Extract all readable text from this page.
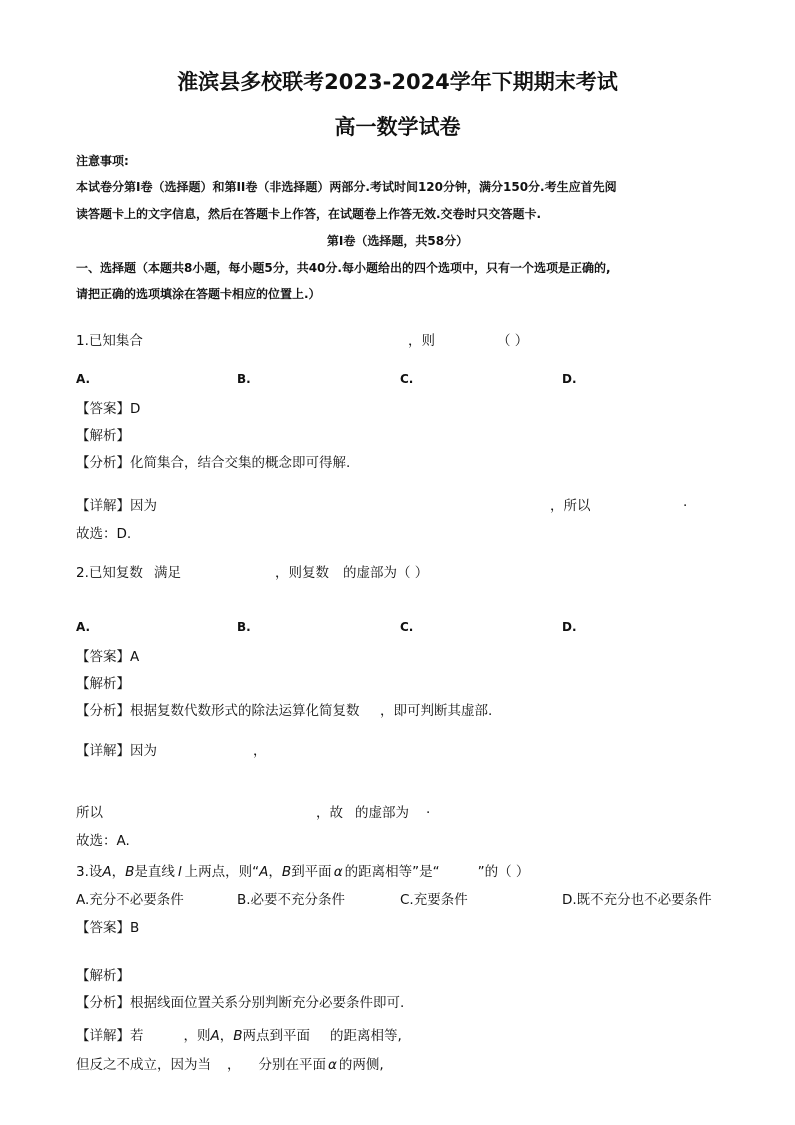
淮滨县多校联考2023-2024学年下期期末考试
高一数学试卷
注意事项:
本试卷分第I卷（选择题）和第II卷（非选择题）两部分.考试时间120分钟，满分150分.考生应首先阅
读答题卡上的文字信息，然后在答题卡上作答，在试题卷上作答无效.交卷时只交答题卡.
第I卷（选择题，共58分）
一、选择题（本题共8小题，每小题5分，共40分.每小题给出的四个选项中，只有一个选项是正确的,
请把正确的选项填涂在答题卡相应的位置上.）
1.已知集合	，则	（ ）
A.	B.	C.	D.
【答案】D
【解析】
【分析】化简集合，结合交集的概念即可得解.
【详解】因为	，所以	.
故选：D.
2.已知复数 满足	，则复数 的虚部为（ ）
A.	B.	C.	D.
【答案】A
【解析】
【分析】根据复数代数形式的除法运算化简复数 ，即可判断其虚部.
【详解】因为	，
所以	，故 的虚部为 .
故选：A.
3.设A，B是直线 l 上两点，则“A，B到平面 α 的距离相等”是“	”的（ ）
A.充分不必要条件	B.必要不充分条件	C.充要条件	D.既不充分也不必要条件
【答案】B
【解析】
【分析】根据线面位置关系分别判断充分必要条件即可.
【详解】若	，则A，B两点到平面 的距离相等,
但反之不成立，因为当 ， 分别在平面 α 的两侧,
